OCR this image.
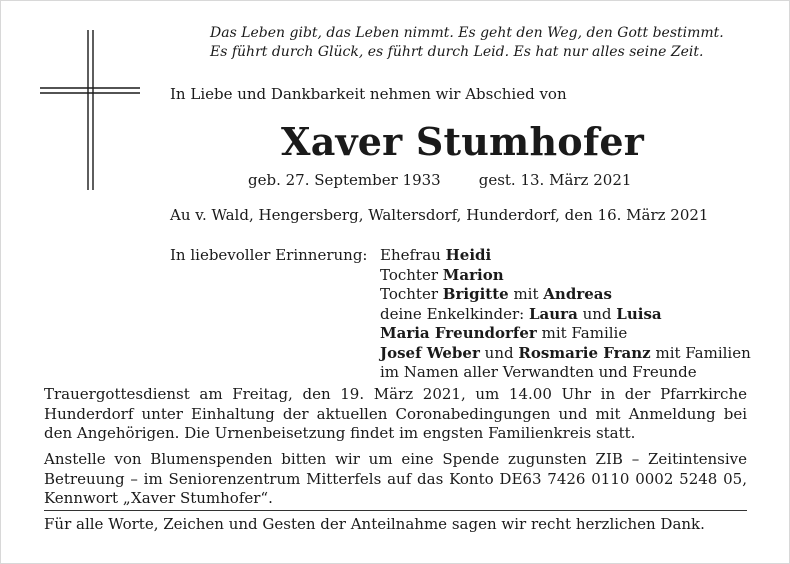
Das Leben gibt, das Leben nimmt. Es geht den Weg, den Gott bestimmt.
Es führt durch Glück, es führt durch Leid. Es hat nur alles seine Zeit.
In Liebe und Dankbarkeit nehmen wir Abschied von
Xaver Stumhofer
geb. 27. September 1933	gest. 13. März 2021
Au v. Wald, Hengersberg, Waltersdorf, Hunderdorf, den 16. März 2021
In liebevoller Erinnerung: Ehefrau Heidi
Tochter Marion
Tochter Brigitte mit Andreas
deine Enkelkinder: Laura und Luisa
Maria Freundorfer mit Familie
Josef Weber und Rosmarie Franz mit Familien
im Namen aller Verwandten und Freunde
Trauergottesdienst am Freitag, den 19. März 2021, um 14.00 Uhr in der Pfarrkirche Hunderdorf unter Einhaltung der aktuellen Coronabedingungen und mit Anmeldung bei den Angehörigen. Die Urnenbeisetzung findet im engsten Familienkreis statt.
Anstelle von Blumenspenden bitten wir um eine Spende zugunsten ZIB – Zeitintensive Betreuung – im Seniorenzentrum Mitterfels auf das Konto DE63 7426 0110 0002 5248 05, Kennwort „Xaver Stumhofer“.
Für alle Worte, Zeichen und Gesten der Anteilnahme sagen wir recht herzlichen Dank.
